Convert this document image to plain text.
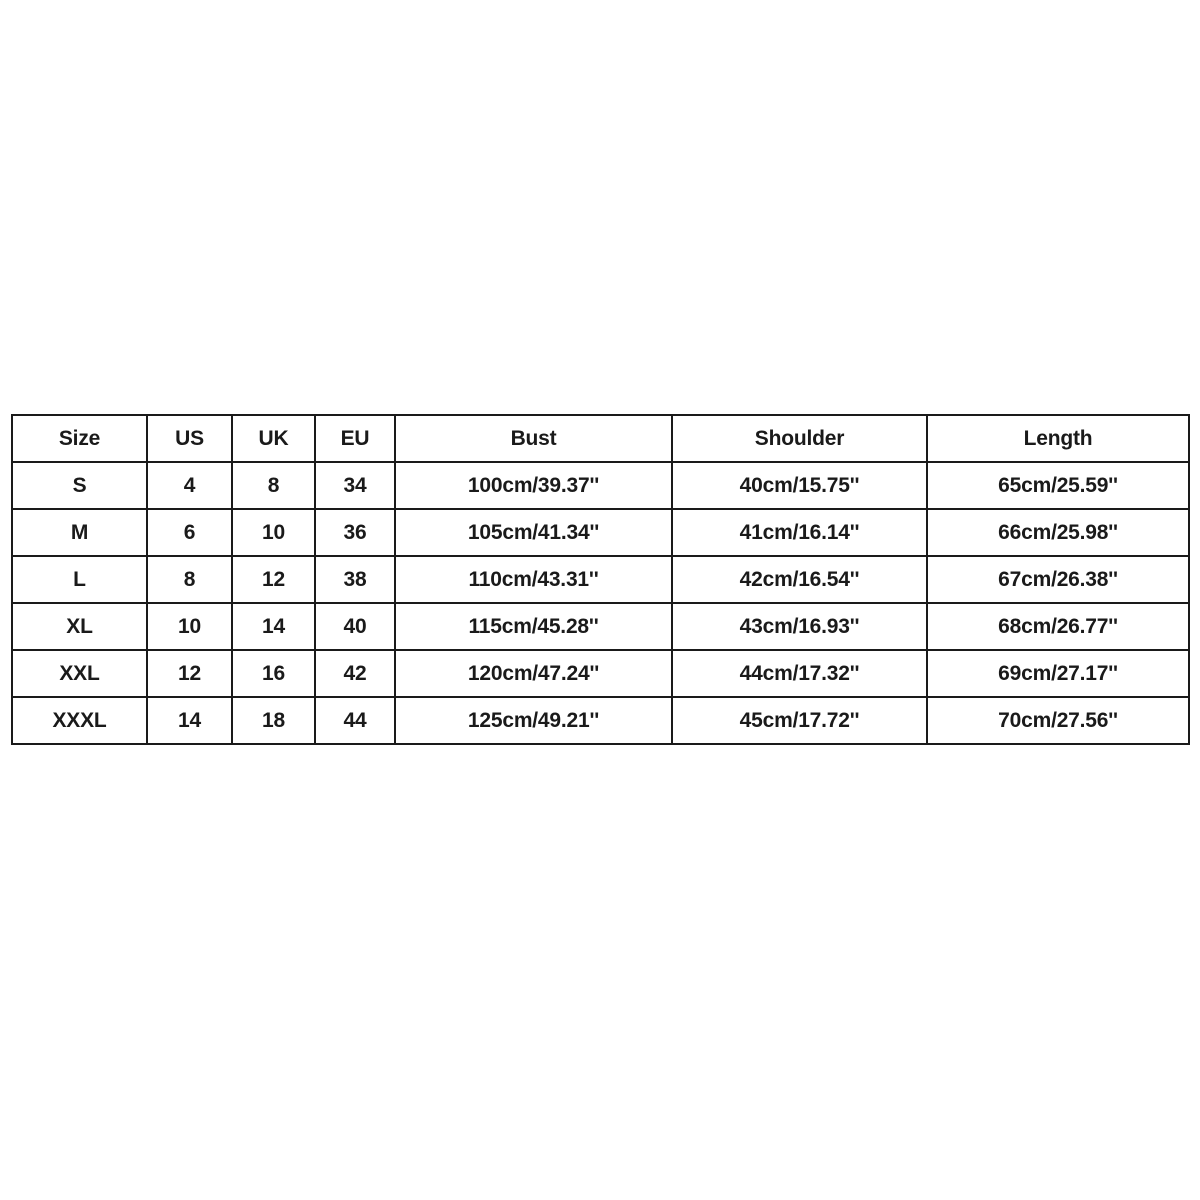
Size	US	UK	EU	Bust	Shoulder	Length
S	4	8	34	100cm/39.37''	40cm/15.75''	65cm/25.59''
M	6	10	36	105cm/41.34''	41cm/16.14''	66cm/25.98''
L	8	12	38	110cm/43.31''	42cm/16.54''	67cm/26.38''
XL	10	14	40	115cm/45.28''	43cm/16.93''	68cm/26.77''
XXL	12	16	42	120cm/47.24''	44cm/17.32''	69cm/27.17''
XXXL	14	18	44	125cm/49.21''	45cm/17.72''	70cm/27.56''
